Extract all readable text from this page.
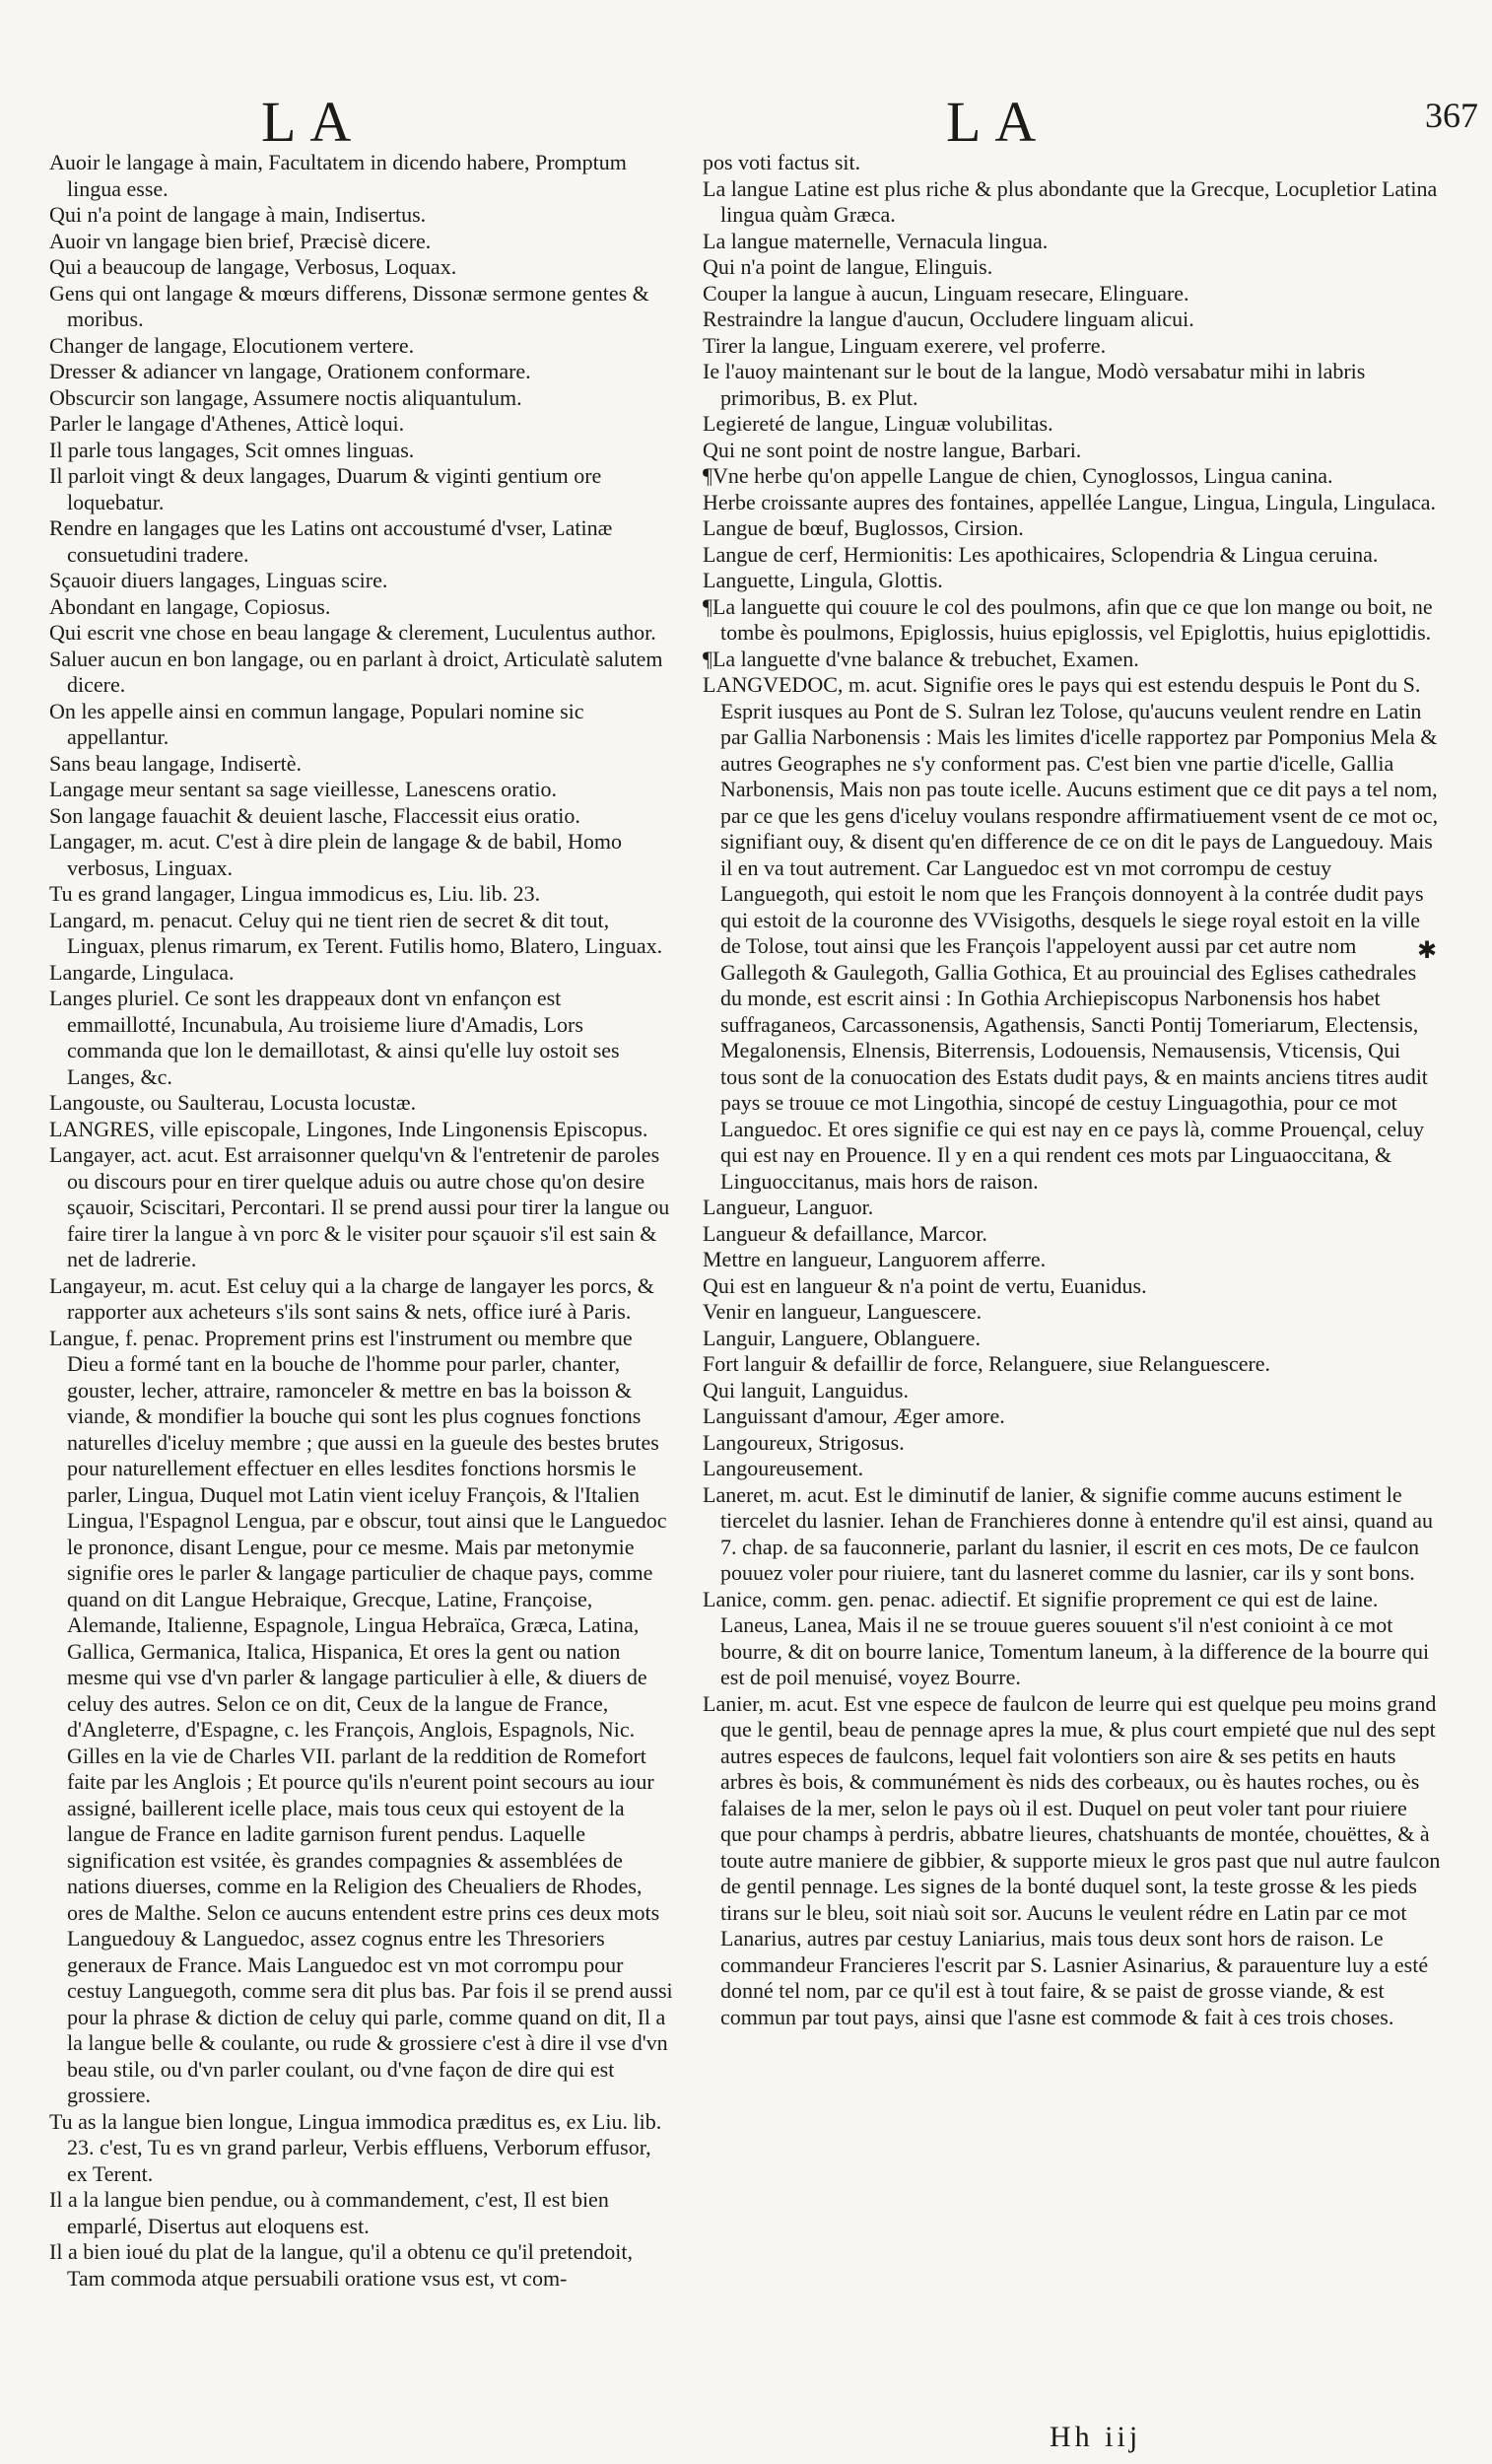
LA	LA	367

Auoir le langage à main, Facultatem in dicendo habere, Promptum lingua esse.

Qui n'a point de langage à main, Indisertus.

Auoir vn langage bien brief, Præcisè dicere.

Qui a beaucoup de langage, Verbosus, Loquax.

Gens qui ont langage & mœurs differens, Dissonæ sermone gentes & moribus.

Changer de langage, Elocutionem vertere.

Dresser & adiancer vn langage, Orationem conformare.

Obscurcir son langage, Assumere noctis aliquantulum.

Parler le langage d'Athenes, Atticè loqui.

Il parle tous langages, Scit omnes linguas.

Il parloit vingt & deux langages, Duarum & viginti gentium ore loquebatur.

Rendre en langages que les Latins ont accoustumé d'vser, Latinæ consuetudini tradere.

Sçauoir diuers langages, Linguas scire.

Abondant en langage, Copiosus.

Qui escrit vne chose en beau langage & clerement, Luculentus author.

Saluer aucun en bon langage, ou en parlant à droict, Articulatè salutem dicere.

On les appelle ainsi en commun langage, Populari nomine sic appellantur.

Sans beau langage, Indisertè.

Langage meur sentant sa sage vieillesse, Lanescens oratio.

Son langage fauachit & deuient lasche, Flaccessit eius oratio.

Langager, m. acut. C'est à dire plein de langage & de babil, Homo verbosus, Linguax.

Tu es grand langager, Lingua immodicus es, Liu. lib. 23.

Langard, m. penacut. Celuy qui ne tient rien de secret & dit tout, Linguax, plenus rimarum, ex Terent. Futilis homo, Blatero, Linguax.

Langarde, Lingulaca.

Langes pluriel. Ce sont les drappeaux dont vn enfançon est emmaillotté, Incunabula, Au troisieme liure d'Amadis, Lors commanda que lon le demaillotast, & ainsi qu'elle luy ostoit ses Langes, &c.

Langouste, ou Saulterau, Locusta locustæ.

LANGRES, ville episcopale, Lingones, Inde Lingonensis Episcopus.

Langayer, act. acut. Est arraisonner quelqu'vn & l'entretenir de paroles ou discours pour en tirer quelque aduis ou autre chose qu'on desire sçauoir, Sciscitari, Percontari. Il se prend aussi pour tirer la langue ou faire tirer la langue à vn porc & le visiter pour sçauoir s'il est sain & net de ladrerie.

Langayeur, m. acut. Est celuy qui a la charge de langayer les porcs, & rapporter aux acheteurs s'ils sont sains & nets, office iuré à Paris.

Langue, f. penac. Proprement prins est l'instrument ou membre que Dieu a formé tant en la bouche de l'homme pour parler, chanter, gouster, lecher, attraire, ramonceler & mettre en bas la boisson & viande, & mondifier la bouche qui sont les plus cognues fonctions naturelles d'iceluy membre ; que aussi en la gueule des bestes brutes pour naturellement effectuer en elles lesdites fonctions horsmis le parler, Lingua, Duquel mot Latin vient iceluy François, & l'Italien Lingua, l'Espagnol Lengua, par e obscur, tout ainsi que le Languedoc le prononce, disant Lengue, pour ce mesme. Mais par metonymie signifie ores le parler & langage particulier de chaque pays, comme quand on dit Langue Hebraique, Grecque, Latine, Françoise, Alemande, Italienne, Espagnole, Lingua Hebraïca, Græca, Latina, Gallica, Germanica, Italica, Hispanica, Et ores la gent ou nation mesme qui vse d'vn parler & langage particulier à elle, & diuers de celuy des autres. Selon ce on dit, Ceux de la langue de France, d'Angleterre, d'Espagne, c. les François, Anglois, Espagnols, Nic. Gilles en la vie de Charles VII. parlant de la reddition de Romefort faite par les Anglois ; Et pource qu'ils n'eurent point secours au iour assigné, baillerent icelle place, mais tous ceux qui estoyent de la langue de France en ladite garnison furent pendus. Laquelle signification est vsitée, ès grandes compagnies & assemblées de nations diuerses, comme en la Religion des Cheualiers de Rhodes, ores de Malthe. Selon ce aucuns entendent estre prins ces deux mots Languedouy & Languedoc, assez cognus entre les Thresoriers generaux de France. Mais Languedoc est vn mot corrompu pour cestuy Languegoth, comme sera dit plus bas. Par fois il se prend aussi pour la phrase & diction de celuy qui parle, comme quand on dit, Il a la langue belle & coulante, ou rude & grossiere c'est à dire il vse d'vn beau stile, ou d'vn parler coulant, ou d'vne façon de dire qui est grossiere.

Tu as la langue bien longue, Lingua immodica præditus es, ex Liu. lib. 23. c'est, Tu es vn grand parleur, Verbis effluens, Verborum effusor, ex Terent.

Il a la langue bien pendue, ou à commandement, c'est, Il est bien emparlé, Disertus aut eloquens est.

Il a bien ioué du plat de la langue, qu'il a obtenu ce qu'il pretendoit, Tam commoda atque persuabili oratione vsus est, vt com-

pos voti factus sit.

La langue Latine est plus riche & plus abondante que la Grecque, Locupletior Latina lingua quàm Græca.

La langue maternelle, Vernacula lingua.

Qui n'a point de langue, Elinguis.

Couper la langue à aucun, Linguam resecare, Elinguare.

Restraindre la langue d'aucun, Occludere linguam alicui.

Tirer la langue, Linguam exerere, vel proferre.

Ie l'auoy maintenant sur le bout de la langue, Modò versabatur mihi in labris primoribus, B. ex Plut.

Legiereté de langue, Linguæ volubilitas.

Qui ne sont point de nostre langue, Barbari.

¶Vne herbe qu'on appelle Langue de chien, Cynoglossos, Lingua canina.

Herbe croissante aupres des fontaines, appellée Langue, Lingua, Lingula, Lingulaca.

Langue de bœuf, Buglossos, Cirsion.

Langue de cerf, Hermionitis: Les apothicaires, Sclopendria & Lingua ceruina.

Languette, Lingula, Glottis.

¶La languette qui couure le col des poulmons, afin que ce que lon mange ou boit, ne tombe ès poulmons, Epiglossis, huius epiglossis, vel Epiglottis, huius epiglottidis.

¶La languette d'vne balance & trebuchet, Examen.

LANGVEDOC, m. acut. Signifie ores le pays qui est estendu despuis le Pont du S. Esprit iusques au Pont de S. Sulran lez Tolose, qu'aucuns veulent rendre en Latin par Gallia Narbonensis : Mais les limites d'icelle rapportez par Pomponius Mela & autres Geographes ne s'y conforment pas. C'est bien vne partie d'icelle, Gallia Narbonensis, Mais non pas toute icelle. Aucuns estiment que ce dit pays a tel nom, par ce que les gens d'iceluy voulans respondre affirmatiuement vsent de ce mot oc, signifiant ouy, & disent qu'en difference de ce on dit le pays de Languedouy. Mais il en va tout autrement. Car Languedoc est vn mot corrompu de cestuy Languegoth, qui estoit le nom que les François donnoyent à la contrée dudit pays qui estoit de la couronne des VVisigoths, desquels le siege royal estoit en la ville de Tolose, tout ainsi que les François l'appeloyent aussi par cet autre nom Gallegoth & Gaulegoth, Gallia Gothica, Et au prouincial des Eglises cathedrales du monde, est escrit ainsi : In Gothia Archiepiscopus Narbonensis hos habet suffraganeos, Carcassonensis, Agathensis, Sancti Pontij Tomeriarum, Electensis, Megalonensis, Elnensis, Biterrensis, Lodouensis, Nemausensis, Vticensis, Qui tous sont de la conuocation des Estats dudit pays, & en maints anciens titres audit pays se trouue ce mot Lingothia, sincopé de cestuy Linguagothia, pour ce mot Languedoc. Et ores signifie ce qui est nay en ce pays là, comme Prouençal, celuy qui est nay en Prouence. Il y en a qui rendent ces mots par Linguaoccitana, & Linguoccitanus, mais hors de raison.

Langueur, Languor.

Langueur & defaillance, Marcor.

Mettre en langueur, Languorem afferre.

Qui est en langueur & n'a point de vertu, Euanidus.

Venir en langueur, Languescere.

Languir, Languere, Oblanguere.

Fort languir & defaillir de force, Relanguere, siue Relanguescere.

Qui languit, Languidus.

Languissant d'amour, Æger amore.

Langoureux, Strigosus.

Langoureusement.

Laneret, m. acut. Est le diminutif de lanier, & signifie comme aucuns estiment le tiercelet du lasnier. Iehan de Franchieres donne à entendre qu'il est ainsi, quand au 7. chap. de sa fauconnerie, parlant du lasnier, il escrit en ces mots, De ce faulcon pouuez voler pour riuiere, tant du lasneret comme du lasnier, car ils y sont bons.

Lanice, comm. gen. penac. adiectif. Et signifie proprement ce qui est de laine. Laneus, Lanea, Mais il ne se trouue gueres souuent s'il n'est conioint à ce mot bourre, & dit on bourre lanice, Tomentum laneum, à la difference de la bourre qui est de poil menuisé, voyez Bourre.

Lanier, m. acut. Est vne espece de faulcon de leurre qui est quelque peu moins grand que le gentil, beau de pennage apres la mue, & plus court empieté que nul des sept autres especes de faulcons, lequel fait volontiers son aire & ses petits en hauts arbres ès bois, & communément ès nids des corbeaux, ou ès hautes roches, ou ès falaises de la mer, selon le pays où il est. Duquel on peut voler tant pour riuiere que pour champs à perdris, abbatre lieures, chatshuants de montée, chouëttes, & à toute autre maniere de gibbier, & supporte mieux le gros past que nul autre faulcon de gentil pennage. Les signes de la bonté duquel sont, la teste grosse & les pieds tirans sur le bleu, soit niaù soit sor. Aucuns le veulent rédre en Latin par ce mot Lanarius, autres par cestuy Laniarius, mais tous deux sont hors de raison. Le commandeur Francieres l'escrit par S. Lasnier Asinarius, & parauenture luy a esté donné tel nom, par ce qu'il est à tout faire, & se paist de grosse viande, & est commun par tout pays, ainsi que l'asne est commode & fait à ces trois choses.

✱
Hh iij
